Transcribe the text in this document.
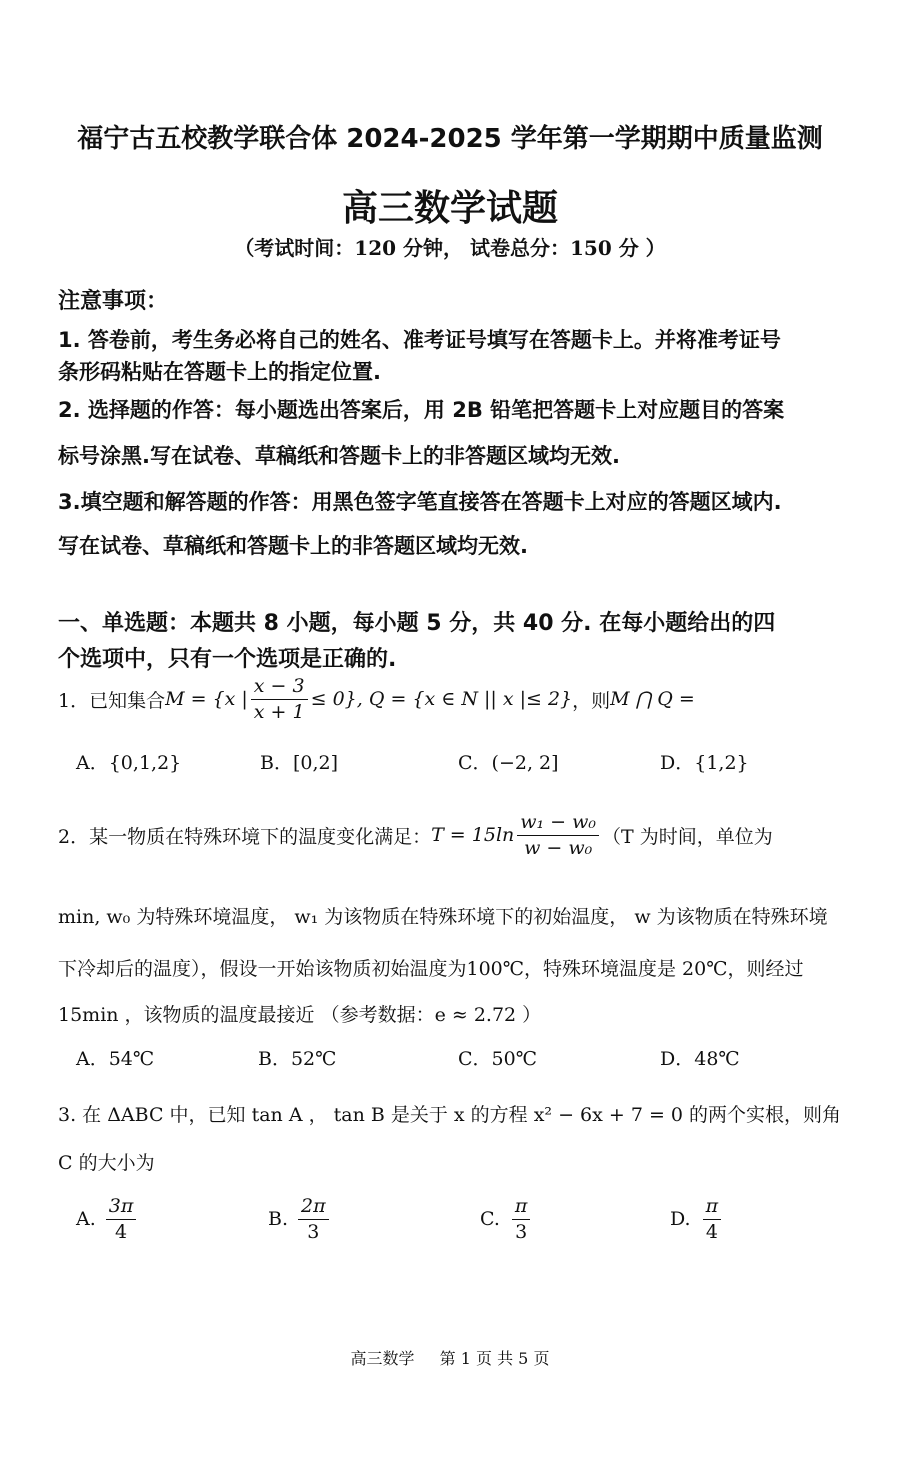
福宁古五校教学联合体 2024-2025 学年第一学期期中质量监测
高三数学试题
（考试时间：120 分钟， 试卷总分：150 分 ）
注意事项：
1. 答卷前，考生务必将自己的姓名、准考证号填写在答题卡上。并将准考证号
条形码粘贴在答题卡上的指定位置.
2. 选择题的作答：每小题选出答案后，用 2B 铅笔把答题卡上对应题目的答案
标号涂黑.写在试卷、草稿纸和答题卡上的非答题区域均无效.
3.填空题和解答题的作答：用黑色签字笔直接答在答题卡上对应的答题区域内.
写在试卷、草稿纸和答题卡上的非答题区域均无效.
一、单选题：本题共 8 小题，每小题 5 分，共 40 分. 在每小题给出的四
个选项中，只有一个选项是正确的.
1．已知集合 M = {x | $\frac{x - 3}{x + 1} \le 0$}, Q = {x ∈ N || x |≤ 2} ，则 M ⋂ Q =
A．{0,1,2}	B．[0,2]	C．(−2, 2]	D．{1,2}
2．某一物质在特殊环境下的温度变化满足： $T = 15\ln \frac{\text{w₁ − w₀}}{\text{w − w₀}} (T$ 为时间，单位为
min, w₀ 为特殊环境温度， w₁ 为该物质在特殊环境下的初始温度， w 为该物质在特殊环境
下冷却后的温度），假设一开始该物质初始温度为100℃，特殊环境温度是 20℃，则经过
15min ，该物质的温度最接近 （参考数据：e ≈ 2.72 ）
A．54℃	B．52℃	C．50℃	D．48℃
3. 在 ΔABC 中，已知 tan A ， tan B 是关于 x 的方程 x² − 6x + 7 = 0 的两个实根，则角
C 的大小为
A. $\frac{3\pi}{4}$	B. $\frac{2\pi}{3}$	C. $\frac{\pi}{3}$	D. $\frac{\pi}{4}$
高三数学 第 1 页 共 5 页
